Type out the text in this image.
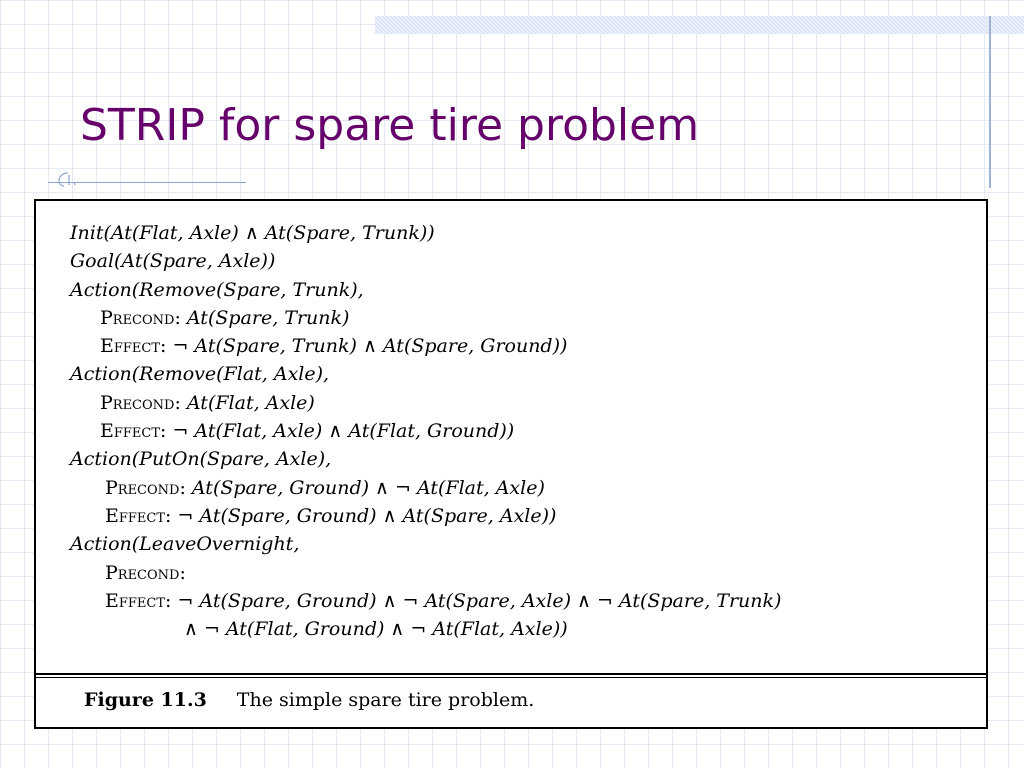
STRIP for spare tire problem
Init(At(Flat, Axle) ∧ At(Spare, Trunk))
Goal(At(Spare, Axle))
Action(Remove(Spare, Trunk),
Precond: At(Spare, Trunk)
Effect: ¬ At(Spare, Trunk) ∧ At(Spare, Ground))
Action(Remove(Flat, Axle),
Precond: At(Flat, Axle)
Effect: ¬ At(Flat, Axle) ∧ At(Flat, Ground))
Action(PutOn(Spare, Axle),
Precond: At(Spare, Ground) ∧ ¬ At(Flat, Axle)
Effect: ¬ At(Spare, Ground) ∧ At(Spare, Axle))
Action(LeaveOvernight,
Precond:
Effect: ¬ At(Spare, Ground) ∧ ¬ At(Spare, Axle) ∧ ¬ At(Spare, Trunk)
∧ ¬ At(Flat, Ground) ∧ ¬ At(Flat, Axle))
Figure 11.3 The simple spare tire problem.
